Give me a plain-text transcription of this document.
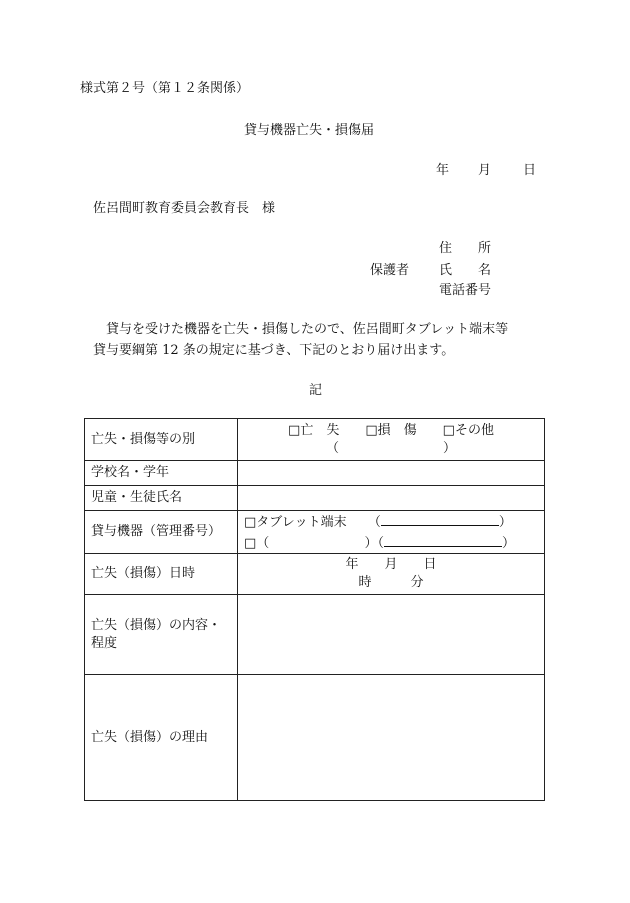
様式第２号（第１２条関係）
貸与機器亡失・損傷届
年 月 日
佐呂間町教育委員会教育長　様
住　　所
保護者 氏　　名
電話番号
貸与を受けた機器を亡失・損傷したので、佐呂間町タブレット端末等
貸与要綱第 12 条の規定に基づき、下記のとおり届け出ます。
記
亡失・損傷等の別	□亡　失　　 □損　傷　　 □その他
（　　　　　　　　 ）

学校名・学年	
児童・生徒氏名	
貸与機器（管理番号）	□タブレット端末　 （ ）
□（　　　　　　　 ）（ ）

亡失（損傷）日時	年　　 月　　 日
時　　　 分

亡失（損傷）の内容・
程度	

亡失（損傷）の理由	
